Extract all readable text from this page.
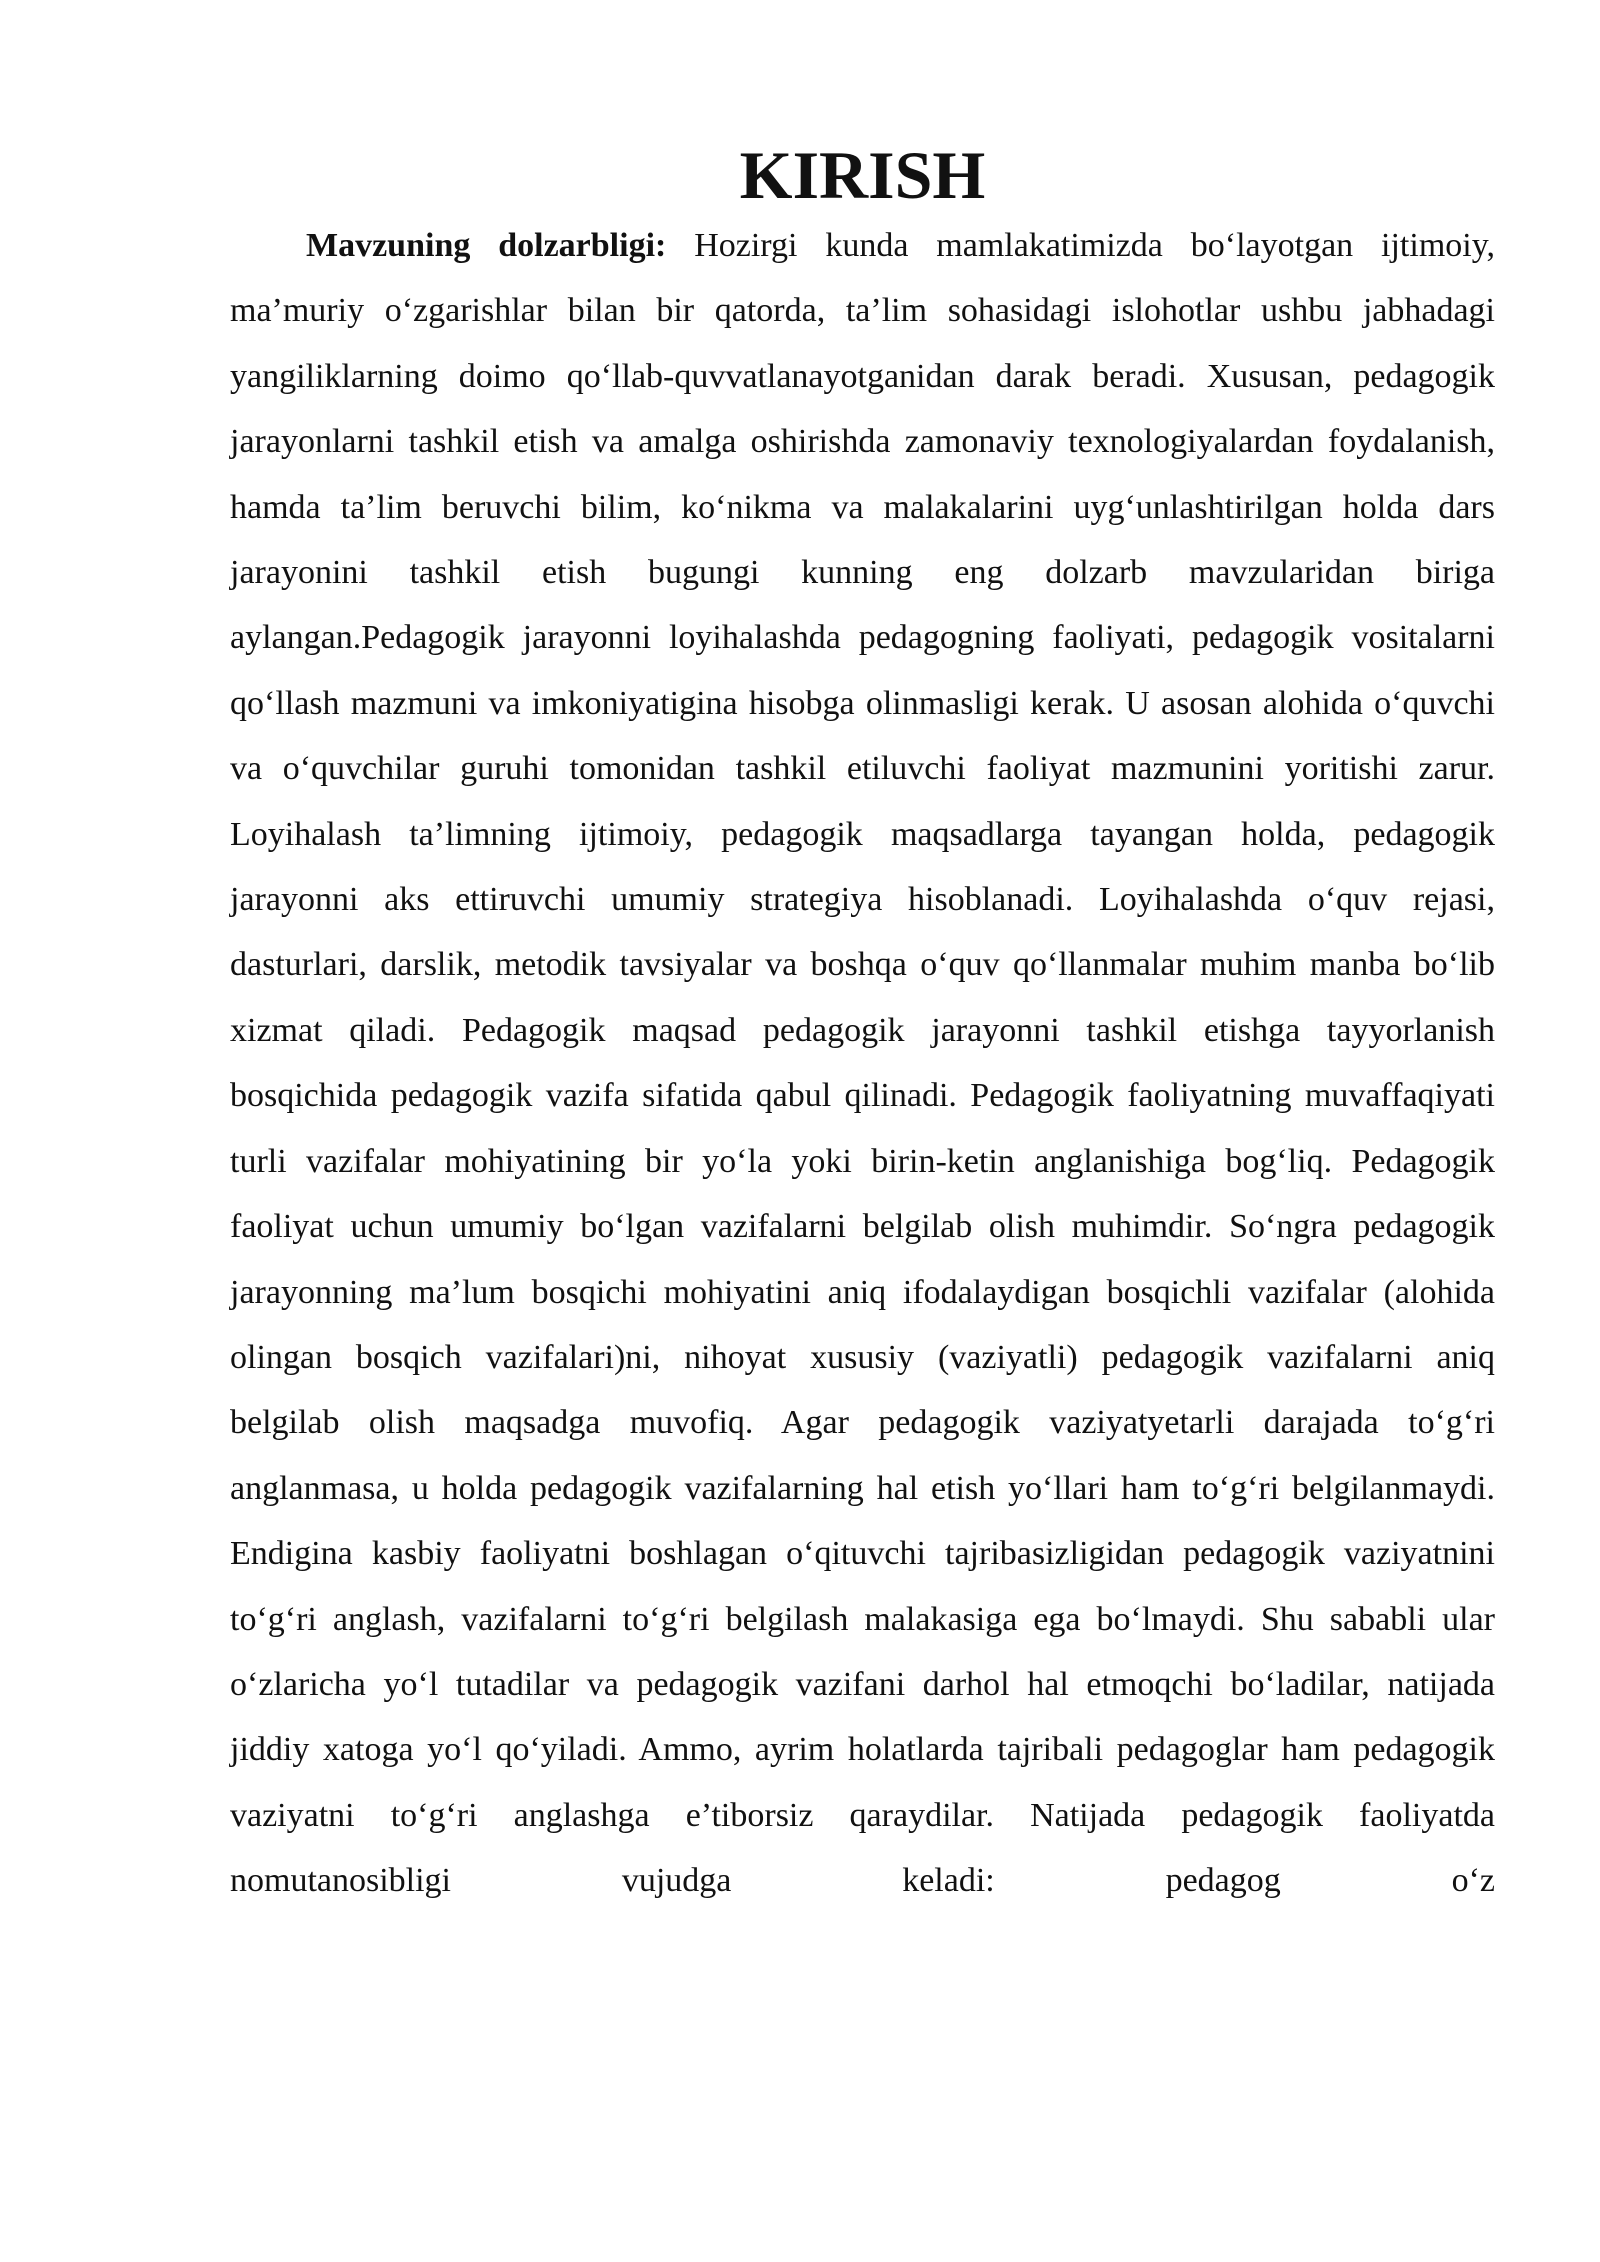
KIRISH

Mavzuning dolzarbligi: Hozirgi kunda mamlakatimizda bo‘layotgan ijtimoiy, ma’muriy o‘zgarishlar bilan bir qatorda, ta’lim sohasidagi islohotlar ushbu jabhadagi yangiliklarning doimo qo‘llab-quvvatlanayotganidan darak beradi. Xususan, pedagogik jarayonlarni tashkil etish va amalga oshirishda zamonaviy texnologiyalardan foydalanish, hamda ta’lim beruvchi bilim, ko‘nikma va malakalarini uyg‘unlashtirilgan holda dars jarayonini tashkil etish bugungi kunning eng dolzarb mavzularidan biriga aylangan.Pedagogik jarayonni loyihalashda pedagogning faoliyati, pedagogik vositalarni qo‘llash mazmuni va imkoniyatigina hisobga olinmasligi kerak. U asosan alohida o‘quvchi va o‘quvchilar guruhi tomonidan tashkil etiluvchi faoliyat mazmunini yoritishi zarur. Loyihalash ta’limning ijtimoiy, pedagogik maqsadlarga tayangan holda, pedagogik jarayonni aks ettiruvchi umumiy strategiya hisoblanadi. Loyihalashda o‘quv rejasi, dasturlari, darslik, metodik tavsiyalar va boshqa o‘quv qo‘llanmalar muhim manba bo‘lib xizmat qiladi. Pedagogik maqsad pedagogik jarayonni tashkil etishga tayyorlanish bosqichida pedagogik vazifa sifatida qabul qilinadi. Pedagogik faoliyatning muvaffaqiyati turli vazifalar mohiyatining bir yo‘la yoki birin-ketin anglanishiga bog‘liq. Pedagogik faoliyat uchun umumiy bo‘lgan vazifalarni belgilab olish muhimdir. So‘ngra pedagogik jarayonning ma’lum bosqichi mohiyatini aniq ifodalaydigan bosqichli vazifalar (alohida olingan bosqich vazifalari)ni, nihoyat xususiy (vaziyatli) pedagogik vazifalarni aniq belgilab olish maqsadga muvofiq. Agar pedagogik vaziyatyetarli darajada to‘g‘ri anglanmasa, u holda pedagogik vazifalarning hal etish yo‘llari ham to‘g‘ri belgilanmaydi. Endigina kasbiy faoliyatni boshlagan o‘qituvchi tajribasizligidan pedagogik vaziyatnini to‘g‘ri anglash, vazifalarni to‘g‘ri belgilash malakasiga ega bo‘lmaydi. Shu sababli ular o‘zlaricha yo‘l tutadilar va pedagogik vazifani darhol hal etmoqchi bo‘ladilar, natijada jiddiy xatoga yo‘l qo‘yiladi. Ammo, ayrim holatlarda tajribali pedagoglar ham pedagogik vaziyatni to‘g‘ri anglashga e’tiborsiz qaraydilar. Natijada pedagogik faoliyatda nomutanosibligi vujudga keladi: pedagog o‘z
